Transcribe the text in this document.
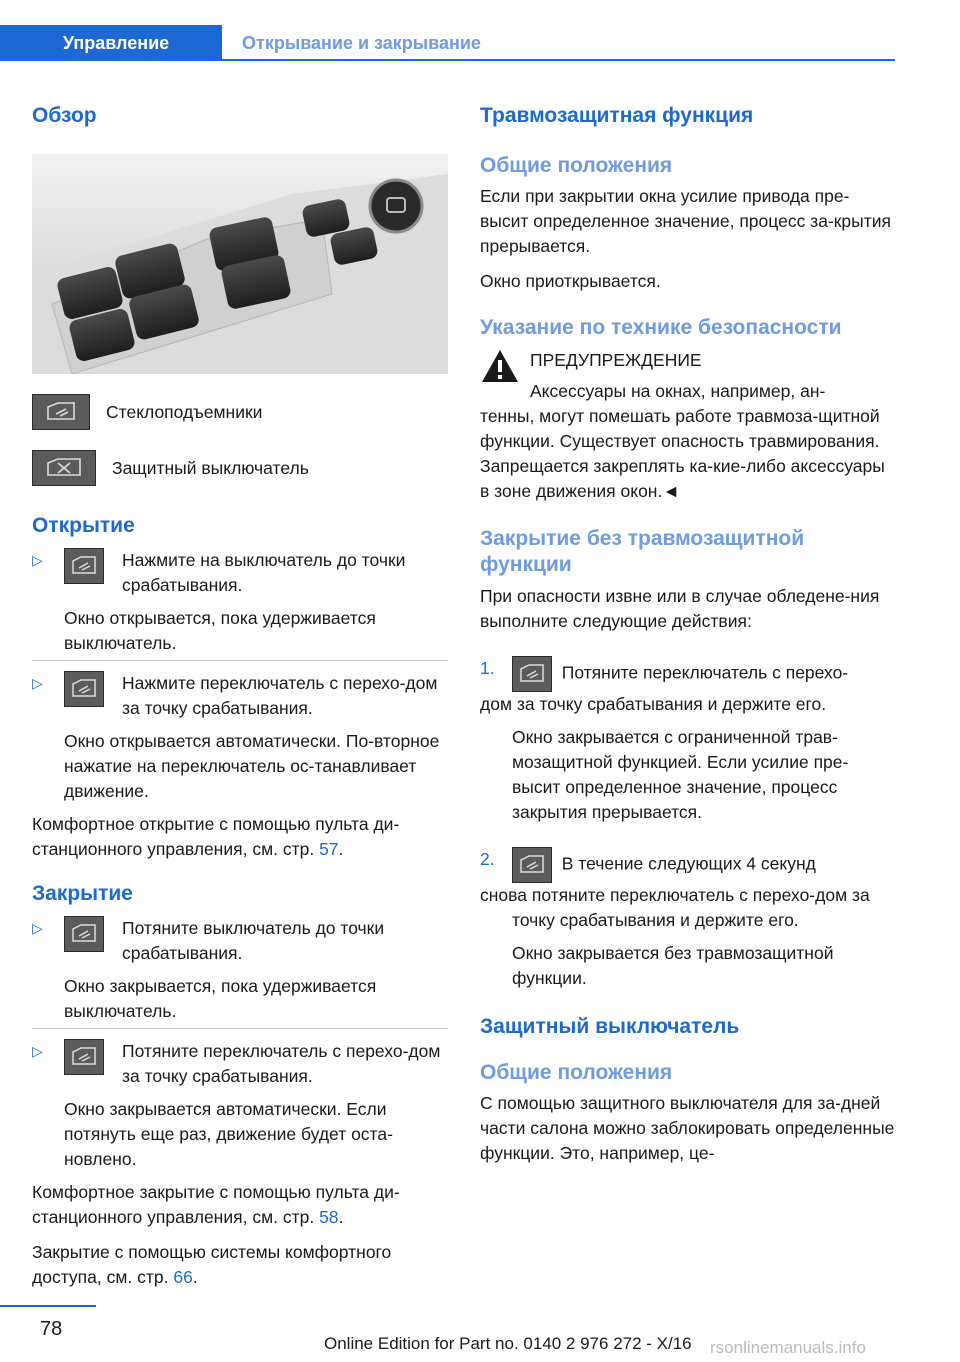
Управление	Открывание и закрывание
Обзор
Стеклоподъемники
Защитный выключатель
Открытие
▷	Нажмите на выключатель до точки срабатывания.

Окно открывается, пока удерживается выключатель.

▷	Нажмите переключатель с перехо-дом за точку срабатывания.

Окно открывается автоматически. По-вторное нажатие на переключатель ос-танавливает движение.

Комфортное открытие с помощью пульта ди-станционного управления, см. стр. 57.

Закрытие
▷	Потяните выключатель до точки срабатывания.

Окно закрывается, пока удерживается выключатель.

▷	Потяните переключатель с перехо-дом за точку срабатывания.

Окно закрывается автоматически. Если потянуть еще раз, движение будет оста-новлено.

Комфортное закрытие с помощью пульта ди-станционного управления, см. стр. 58.

Закрытие с помощью системы комфортного доступа, см. стр. 66.

Травмозащитная функция
Общие положения

Если при закрытии окна усилие привода пре-высит определенное значение, процесс за-крытия прерывается.

Окно приоткрывается.

Указание по технике безопасности

ПРЕДУПРЕЖДЕНИЕ

Аксессуары на окнах, например, ан-

тенны, могут помешать работе травмоза-щитной функции. Существует опасность травмирования. Запрещается закреплять ка-кие-либо аксессуары в зоне движения окон.◄

Закрытие без травмозащитной функции

При опасности извне или в случае обледене-ния выполните следующие действия:

1.	Потяните переключатель с перехо-

дом за точку срабатывания и держите его.

Окно закрывается с ограниченной трав-мозащитной функцией. Если усилие пре-высит определенное значение, процесс закрытия прерывается.

2.	В течение следующих 4 секунд

снова потяните переключатель с перехо-дом за точку срабатывания и держите его.

Окно закрывается без травмозащитной функции.

Защитный выключатель
Общие положения

С помощью защитного выключателя для за-дней части салона можно заблокировать определенные функции. Это, например, це-

78
Online Edition for Part no. 0140 2 976 272 - X/16 rsonlinemanuals.info
